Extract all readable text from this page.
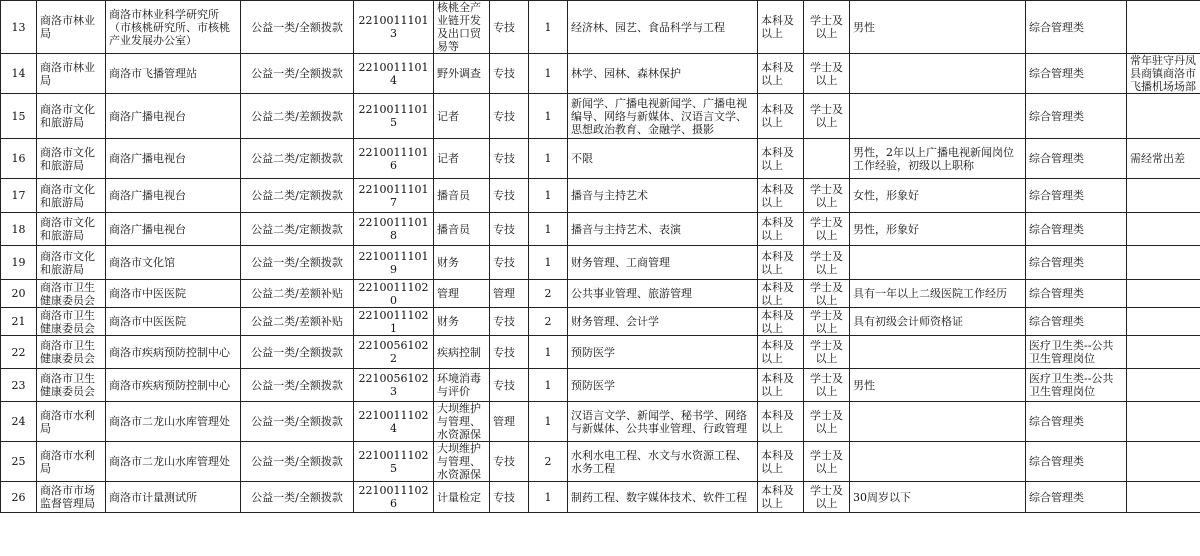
13	商洛市林业局	商洛市林业科学研究所（市核桃研究所、市核桃产业发展办公室）	公益一类/全额拨款	22100111013	核桃全产业链开发及出口贸易等	专技	1	经济林、园艺、食品科学与工程	本科及以上	学士及以上	男性	综合管理类	
14	商洛市林业局	商洛市飞播管理站	公益一类/全额拨款	22100111014	野外调查	专技	1	林学、园林、森林保护	本科及以上	学士及以上		综合管理类	常年驻守丹凤县商镇商洛市飞播机场场部
15	商洛市文化和旅游局	商洛广播电视台	公益二类/差额拨款	22100111015	记者	专技	1	新闻学、广播电视新闻学、广播电视编导、网络与新媒体、汉语言文学、思想政治教育、金融学、摄影	本科及以上	学士及以上		综合管理类	
16	商洛市文化和旅游局	商洛广播电视台	公益二类/定额拨款	22100111016	记者	专技	1	不限	本科及以上		男性，2年以上广播电视新闻岗位工作经验，初级以上职称	综合管理类	需经常出差
17	商洛市文化和旅游局	商洛广播电视台	公益二类/定额拨款	22100111017	播音员	专技	1	播音与主持艺术	本科及以上	学士及以上	女性，形象好	综合管理类	
18	商洛市文化和旅游局	商洛广播电视台	公益二类/定额拨款	22100111018	播音员	专技	1	播音与主持艺术、表演	本科及以上	学士及以上	男性，形象好	综合管理类	
19	商洛市文化和旅游局	商洛市文化馆	公益一类/全额拨款	22100111019	财务	专技	1	财务管理、工商管理	本科及以上	学士及以上		综合管理类	
20	商洛市卫生健康委员会	商洛市中医医院	公益二类/差额补贴	22100111020	管理	管理	2	公共事业管理、旅游管理	本科及以上	学士及以上	具有一年以上二级医院工作经历	综合管理类	
21	商洛市卫生健康委员会	商洛市中医医院	公益二类/差额补贴	22100111021	财务	专技	2	财务管理、会计学	本科及以上	学士及以上	具有初级会计师资格证	综合管理类	
22	商洛市卫生健康委员会	商洛市疾病预防控制中心	公益一类/全额拨款	22100561022	疾病控制	专技	1	预防医学	本科及以上	学士及以上		医疗卫生类--公共卫生管理岗位	
23	商洛市卫生健康委员会	商洛市疾病预防控制中心	公益一类/全额拨款	22100561023	环境消毒与评价	专技	1	预防医学	本科及以上	学士及以上	男性	医疗卫生类--公共卫生管理岗位	
24	商洛市水利局	商洛市二龙山水库管理处	公益一类/全额拨款	22100111024	大坝维护与管理、水资源保	管理	1	汉语言文学、新闻学、秘书学、网络与新媒体、公共事业管理、行政管理	本科及以上	学士及以上		综合管理类	
25	商洛市水利局	商洛市二龙山水库管理处	公益一类/全额拨款	22100111025	大坝维护与管理、水资源保	专技	2	水利水电工程、水文与水资源工程、水务工程	本科及以上	学士及以上		综合管理类	
26	商洛市市场监督管理局	商洛市计量测试所	公益一类/全额拨款	22100111026	计量检定	专技	1	制药工程、数字媒体技术、软件工程	本科及以上	学士及以上	30周岁以下	综合管理类	
